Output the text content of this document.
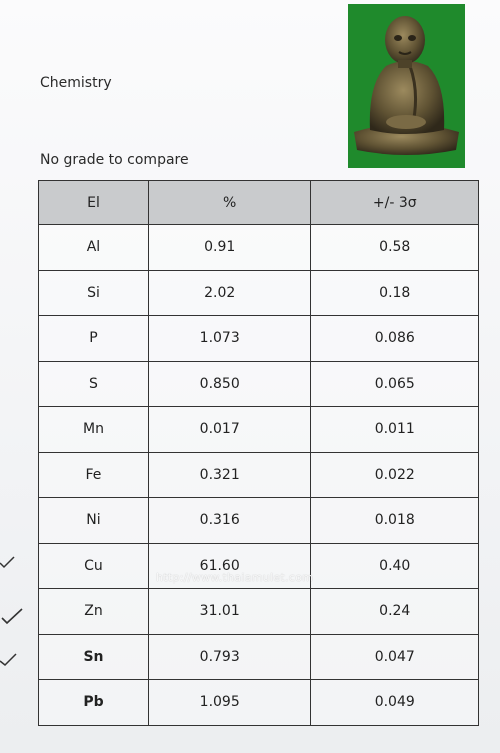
Chemistry
No grade to compare
El	%	+/- 3σ
Al	0.91	0.58
Si	2.02	0.18
P	1.073	0.086
S	0.850	0.065
Mn	0.017	0.011
Fe	0.321	0.022
Ni	0.316	0.018
Cu	61.60	0.40
Zn	31.01	0.24
Sn	0.793	0.047
Pb	1.095	0.049
http://www.thaiamulet.com
